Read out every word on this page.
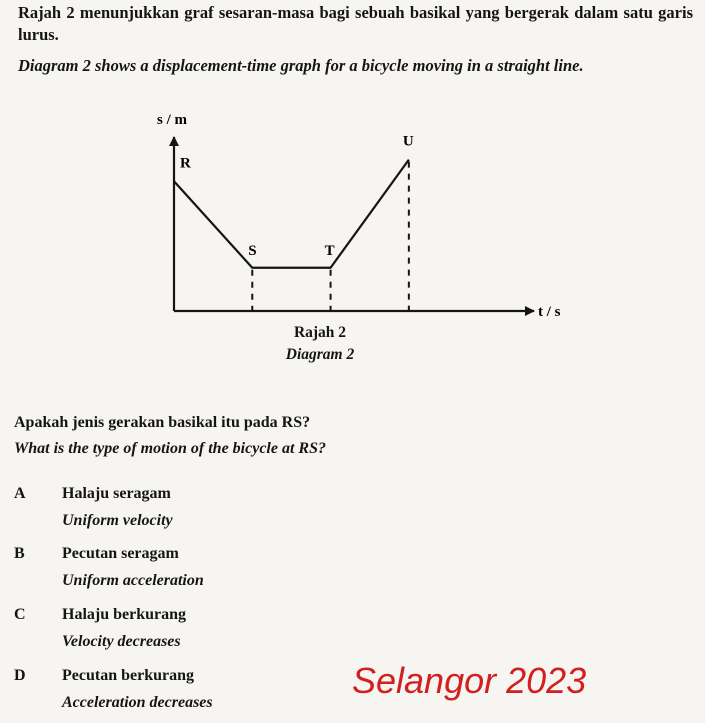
Rajah 2 menunjukkan graf sesaran-masa bagi sebuah basikal yang bergerak dalam satu garis lurus.
Diagram 2 shows a displacement-time graph for a bicycle moving in a straight line.
s / m
t / s
R
S	T
U
Rajah 2
Diagram 2
Apakah jenis gerakan basikal itu pada RS?
What is the type of motion of the bicycle at RS?
A Halaju seragam
Uniform velocity
B Pecutan seragam
Uniform acceleration
C Halaju berkurang
Velocity decreases
D Pecutan berkurang
Acceleration decreases
Selangor 2023
